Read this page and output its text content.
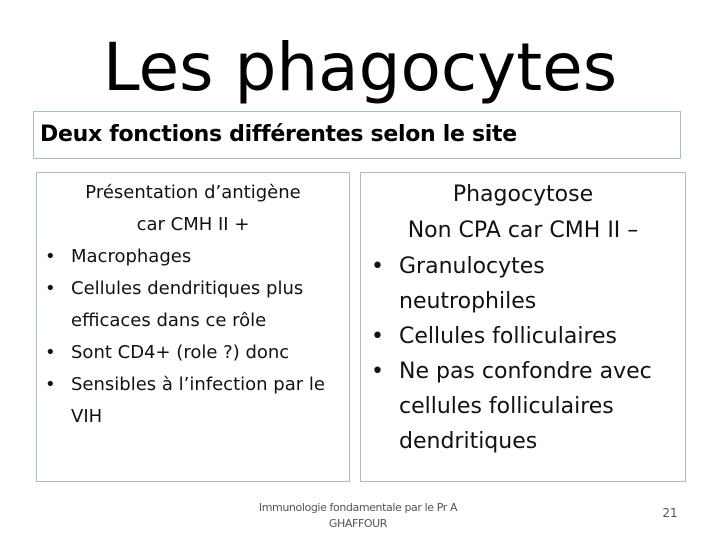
Les phagocytes
Deux fonctions différentes selon le site
Présentation d’antigène
car CMH II +
• Macrophages
• Cellules dendritiques plus
efficaces dans ce rôle
• Sont CD4+ (role ?) donc
• Sensibles à l’infection par le
VIH
Phagocytose
Non CPA car CMH II –
• Granulocytes
neutrophiles
• Cellules folliculaires
• Ne pas confondre avec
cellules folliculaires
dendritiques
Immunologie fondamentale par le Pr A
GHAFFOUR
21
